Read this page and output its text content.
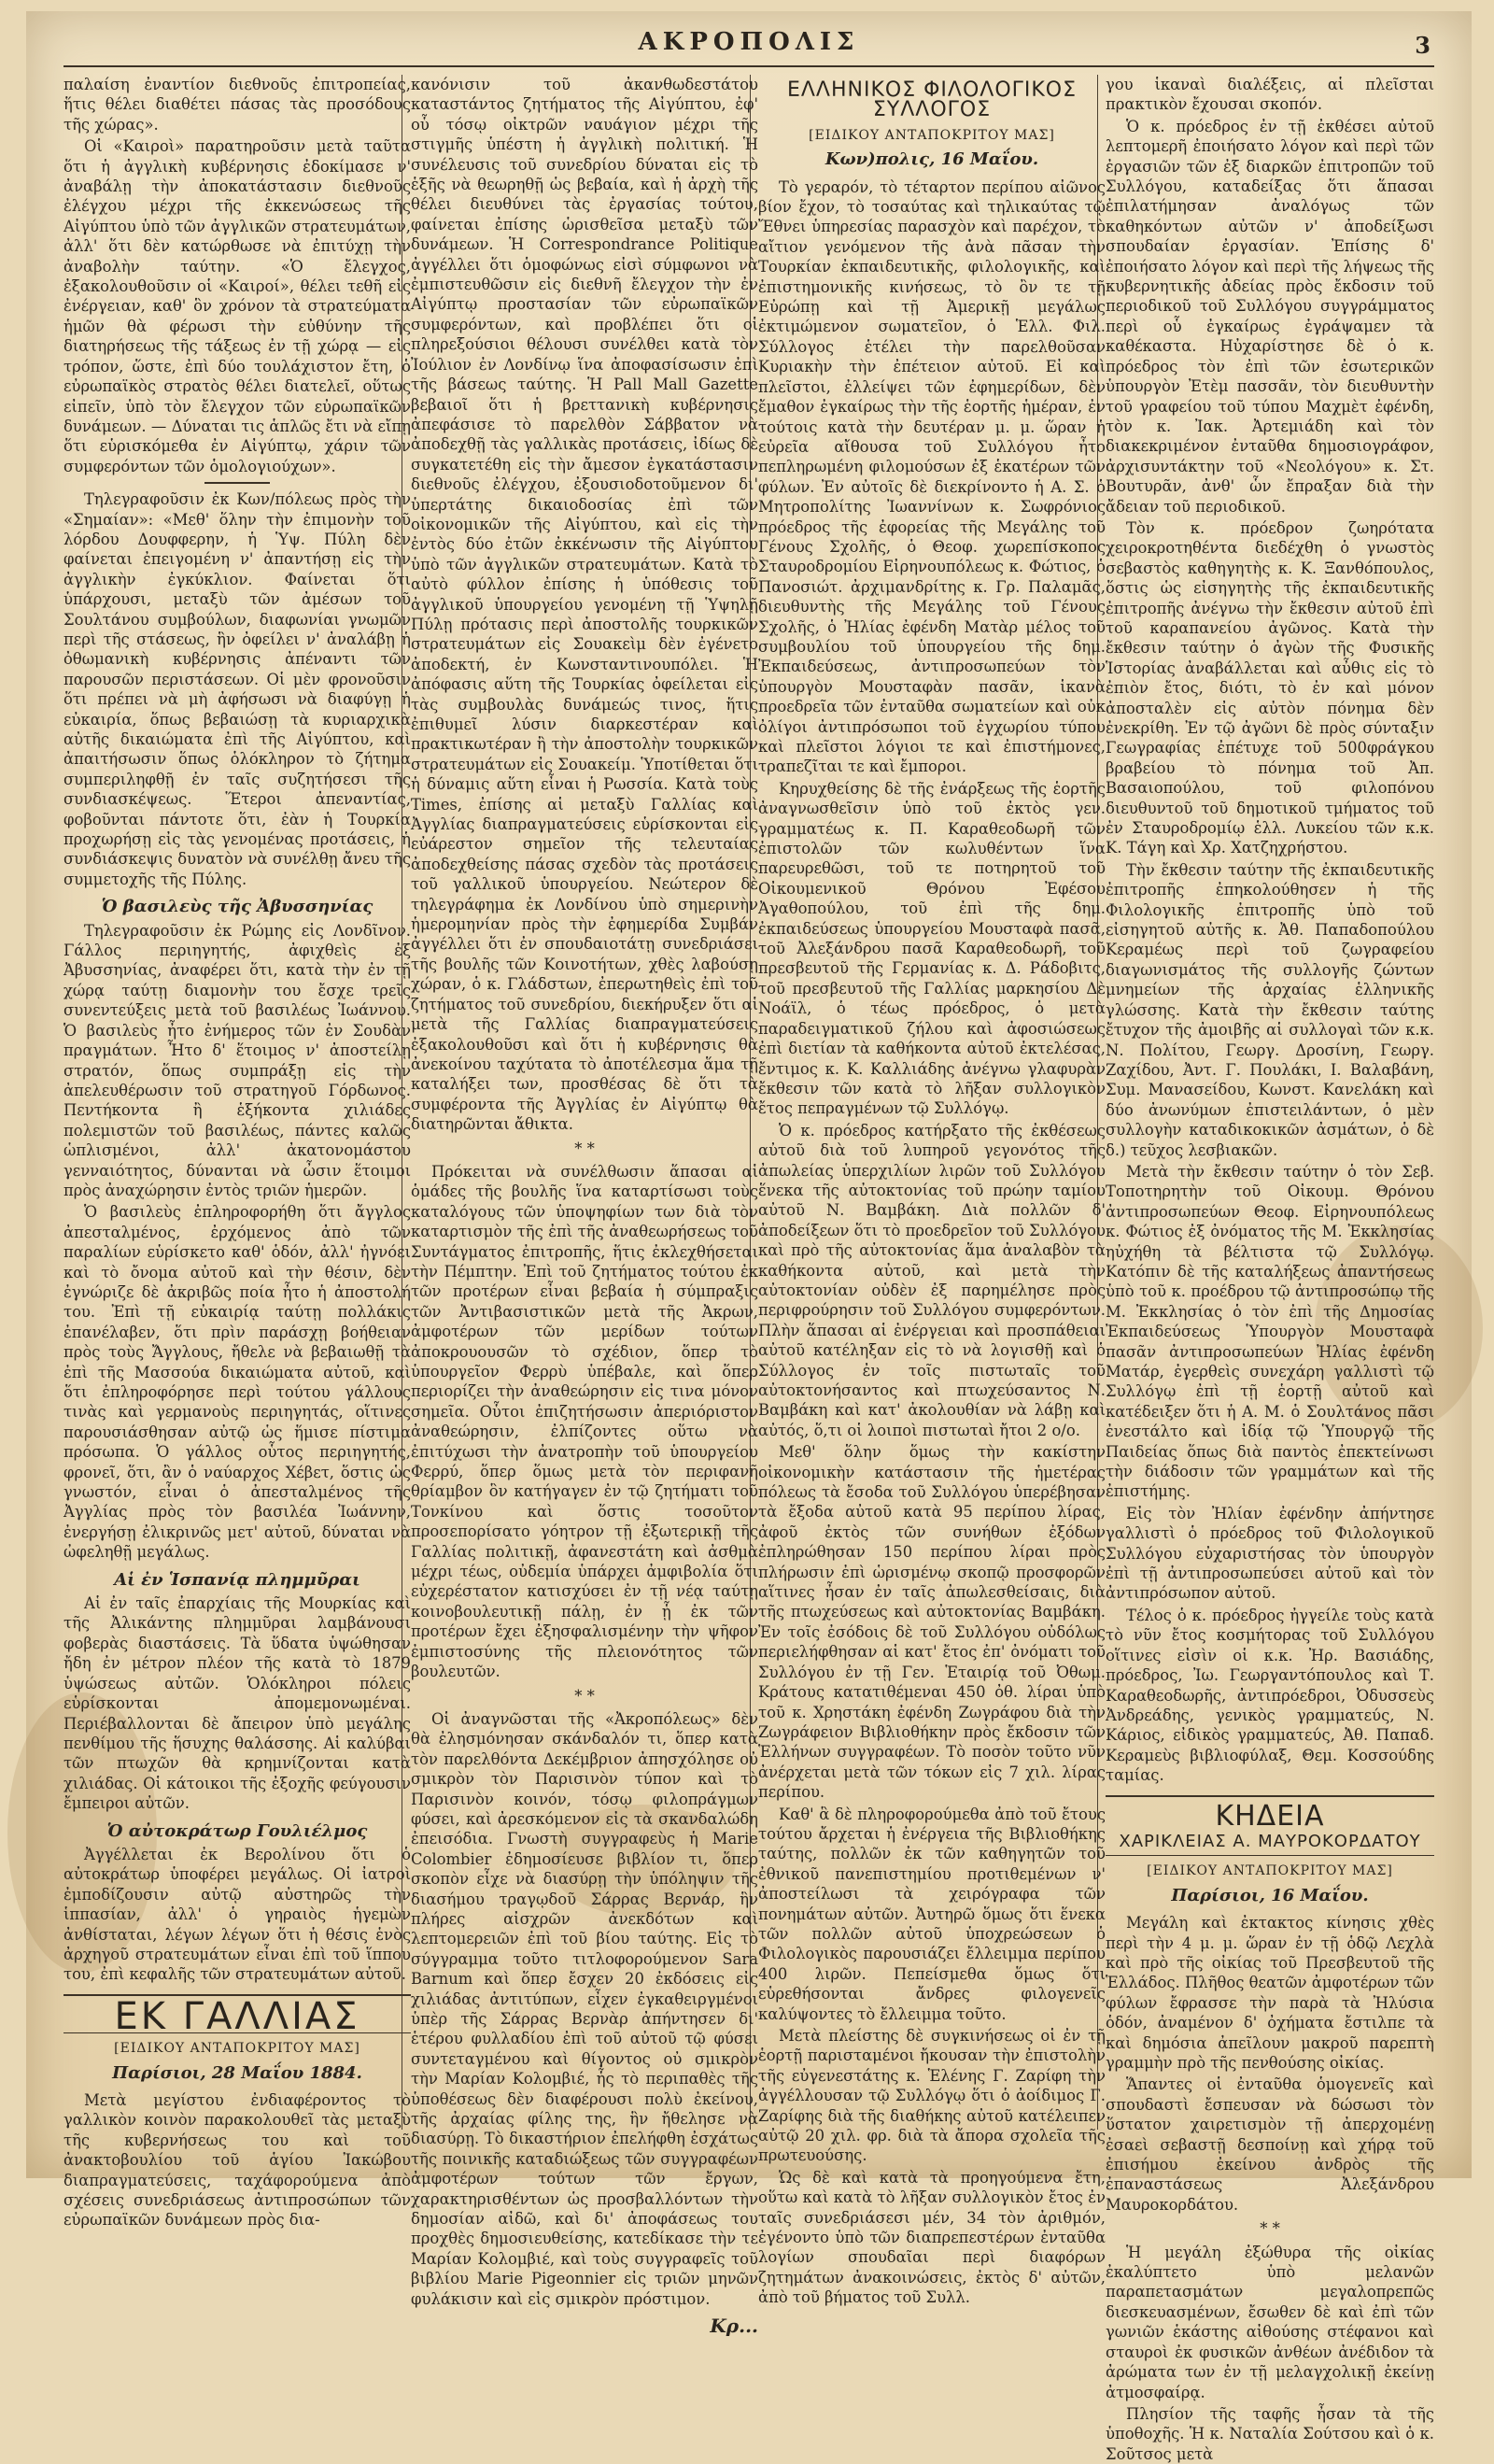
ΑΚΡΟΠΟΛΙΣ	3

παλαίση ἐναντίον διεθνοῦς ἐπιτροπείας, ἥτις θέλει διαθέτει πάσας τὰς προσόδους τῆς χώρας».

Οἱ «Καιροὶ» παρατηροῦσιν μετὰ ταῦτα ὅτι ἡ ἀγγλικὴ κυβέρνησις ἐδοκίμασε ν' ἀναβάλῃ τὴν ἀποκατάστασιν διεθνοῦς ἐλέγχου μέχρι τῆς ἐκκενώσεως τῆς Αἰγύπτου ὑπὸ τῶν ἀγγλικῶν στρατευμάτων, ἀλλ' ὅτι δὲν κατώρθωσε νὰ ἐπιτύχῃ τὴν ἀναβολὴν ταύτην. «Ὁ ἔλεγχος, ἐξακολουθοῦσιν οἱ «Καιροί», θέλει τεθῆ εἰς ἐνέργειαν, καθ' ὃν χρόνον τὰ στρατεύματα ἡμῶν θὰ φέρωσι τὴν εὐθύνην τῆς διατηρήσεως τῆς τάξεως ἐν τῇ χώρᾳ — εἰς τρόπον, ὥστε, ἐπὶ δύο τουλάχιστον ἔτη, ὁ εὐρωπαϊκὸς στρατὸς θέλει διατελεῖ, οὕτως εἰπεῖν, ὑπὸ τὸν ἔλεγχον τῶν εὐρωπαϊκῶν δυνάμεων. — Δύναται τις ἁπλῶς ἔτι νὰ εἴπῃ ὅτι εὑρισκόμεθα ἐν Αἰγύπτῳ, χάριν τῶν συμφερόντων τῶν ὁμολογιούχων».

Τηλεγραφοῦσιν ἐκ Κων/πόλεως πρὸς τὴν «Σημαίαν»: «Μεθ' ὅλην τὴν ἐπιμονὴν τοῦ λόρδου Δουφφερην, ἡ Ὑψ. Πύλη δὲν φαίνεται ἐπειγομένη ν' ἀπαντήσῃ εἰς τὴν ἀγγλικὴν ἐγκύκλιον. Φαίνεται ὅτι ὑπάρχουσι, μεταξὺ τῶν ἀμέσων τοῦ Σουλτάνου συμβούλων, διαφωνίαι γνωμῶν περὶ τῆς στάσεως, ἣν ὀφείλει ν' ἀναλάβῃ ἡ ὀθωμανικὴ κυβέρνησις ἀπέναντι τῶν παρουσῶν περιστάσεων. Οἱ μὲν φρονοῦσιν ὅτι πρέπει νὰ μὴ ἀφήσωσι νὰ διαφύγῃ ἡ εὐκαιρία, ὅπως βεβαιώσῃ τὰ κυριαρχικὰ αὐτῆς δικαιώματα ἐπὶ τῆς Αἰγύπτου, καὶ ἀπαιτήσωσιν ὅπως ὁλόκληρον τὸ ζήτημα συμπεριληφθῇ ἐν ταῖς συζητήσεσι τῆς συνδιασκέψεως. Ἕτεροι ἀπεναντίας, φοβοῦνται πάντοτε ὅτι, ἐὰν ἡ Τουρκία προχωρήσῃ εἰς τὰς γενομένας προτάσεις, ἡ συνδιάσκεψις δυνατὸν νὰ συνέλθῃ ἄνευ τῆς συμμετοχῆς τῆς Πύλης.

Ὁ βασιλεὺς τῆς Ἀβυσσηνίας

Τηλεγραφοῦσιν ἐκ Ρώμης εἰς Λονδῖνον. Γάλλος περιηγητής, ἀφιχθεὶς ἐξ Ἀβυσσηνίας, ἀναφέρει ὅτι, κατὰ τὴν ἐν τῇ χώρᾳ ταύτῃ διαμονὴν του ἔσχε τρεῖς συνεντεύξεις μετὰ τοῦ βασιλέως Ἰωάννου. Ὁ βασιλεὺς ἦτο ἐνήμερος τῶν ἐν Σουδὰν πραγμάτων. Ἦτο δ' ἕτοιμος ν' ἀποστείλῃ στρατόν, ὅπως συμπράξῃ εἰς τὴν ἀπελευθέρωσιν τοῦ στρατηγοῦ Γόρδωνος. Πεντήκοντα ἢ ἑξήκοντα χιλιάδες πολεμιστῶν τοῦ βασιλέως, πάντες καλῶς ὡπλισμένοι, ἀλλ' ἀκατονομάστου γενναιότητος, δύνανται νὰ ὦσιν ἕτοιμοι πρὸς ἀναχώρησιν ἐντὸς τριῶν ἡμερῶν.

Ὁ βασιλεὺς ἐπληροφορήθη ὅτι ἄγγλος ἀπεσταλμένος, ἐρχόμενος ἀπὸ τῶν παραλίων εὑρίσκετο καθ' ὁδόν, ἀλλ' ἠγνόει καὶ τὸ ὄνομα αὐτοῦ καὶ τὴν θέσιν, δὲν ἐγνώριζε δὲ ἀκριβῶς ποία ἦτο ἡ ἀποστολή του. Ἐπὶ τῇ εὐκαιρίᾳ ταύτῃ πολλάκις ἐπανέλαβεν, ὅτι πρὶν παράσχῃ βοήθειαν πρὸς τοὺς Ἄγγλους, ἤθελε νὰ βεβαιωθῇ τὰ ἐπὶ τῆς Μασσούα δικαιώματα αὐτοῦ, καὶ ὅτι ἐπληροφόρησε περὶ τούτου γάλλους τινὰς καὶ γερμανοὺς περιηγητάς, οἵτινες παρουσιάσθησαν αὐτῷ ὡς ἥμισε πίστιμα πρόσωπα. Ὁ γάλλος οὗτος περιηγητής, φρονεῖ, ὅτι, ἂν ὁ ναύαρχος Χέβετ, ὅστις ὡς γνωστόν, εἶναι ὁ ἀπεσταλμένος τῆς Ἀγγλίας πρὸς τὸν βασιλέα Ἰωάννην, ἐνεργήσῃ ἐλικρινῶς μετ' αὐτοῦ, δύναται νὰ ὠφεληθῇ μεγάλως.

Αἱ ἐν Ἱσπανίᾳ πλημμῦραι

Αἱ ἐν ταῖς ἐπαρχίαις τῆς Μουρκίας καὶ τῆς Ἀλικάντης πλημμῦραι λαμβάνουσι φοβερὰς διαστάσεις. Τὰ ὕδατα ὑψώθησαν ἤδη ἐν μέτρον πλέον τῆς κατὰ τὸ 1879 ὑψώσεως αὐτῶν. Ὁλόκληροι πόλεις εὑρίσκονται ἀπομεμονωμέναι. Περιέβαλλονται δὲ ἄπειρον ὑπὸ μεγάλης πενθίμου τῆς ἥσυχης θαλάσσης. Αἱ καλύβαι τῶν πτωχῶν θὰ κρημνίζονται κατὰ χιλιάδας. Οἱ κάτοικοι τῆς ἐξοχῆς φεύγουσιν ἔμπειροι αὐτῶν.

Ὁ αὐτοκράτωρ Γουλιέλμος

Ἀγγέλλεται ἐκ Βερολίνου ὅτι ὁ αὐτοκράτωρ ὑποφέρει μεγάλως. Οἱ ἰατροὶ ἐμποδίζουσιν αὐτῷ αὐστηρῶς τὴν ἱππασίαν, ἀλλ' ὁ γηραιὸς ἡγεμὼν ἀνθίσταται, λέγων λέγων ὅτι ἡ θέσις ἑνὸς ἀρχηγοῦ στρατευμάτων εἶναι ἐπὶ τοῦ ἵππου του, ἐπὶ κεφαλῆς τῶν στρατευμάτων αὐτοῦ.

ΕΚ ΓΑΛΛΙΑΣ
[ΕΙΔΙΚΟΥ ΑΝΤΑΠΟΚΡΙΤΟΥ ΜΑΣ]
Παρίσιοι, 28 Μαΐου 1884.

Μετὰ μεγίστου ἐνδιαφέροντος τὸ γαλλικὸν κοινὸν παρακολουθεῖ τὰς μεταξὺ τῆς κυβερνήσεως του καὶ τοῦ ἀνακτοβουλίου τοῦ ἁγίου Ἰακώβου διαπραγματεύσεις, ταχάφορούμενα ἀπὸ σχέσεις συνεδριάσεως ἀντιπροσώπων τῶν εὐρωπαϊκῶν δυνάμεων πρὸς δια-

κανόνισιν τοῦ ἀκανθωδεστάτου καταστάντος ζητήματος τῆς Αἰγύπτου, ἐφ' οὗ τόσῳ οἰκτρῶν ναυάγιον μέχρι τῆς στιγμῆς ὑπέστη ἡ ἀγγλικὴ πολιτική. Ἡ συνέλευσις τοῦ συνεδρίου δύναται εἰς τὸ ἑξῆς νὰ θεωρηθῇ ὡς βεβαία, καὶ ἡ ἀρχὴ τῆς θέλει διευθύνει τὰς ἐργασίας τούτου, φαίνεται ἐπίσης ὡρισθεῖσα μεταξὺ τῶν δυνάμεων. Ἡ Correspondrance Politique ἀγγέλλει ὅτι ὁμοφώνως εἰσὶ σύμφωνοι νὰ ἐμπιστευθῶσιν εἰς διεθνῆ ἔλεγχον τὴν ἐν Αἰγύπτῳ προστασίαν τῶν εὐρωπαϊκῶν συμφερόντων, καὶ προβλέπει ὅτι οἱ πληρεξούσιοι θέλουσι συνέλθει κατὰ τὸν Ἰούλιον ἐν Λονδίνῳ ἵνα ἀποφασίσωσιν ἐπὶ τῆς βάσεως ταύτης. Ἡ Pall Mall Gazette βεβαιοῖ ὅτι ἡ βρεττανικὴ κυβέρνησις ἀπεφάσισε τὸ παρελθὸν Σάββατον νὰ ἀποδεχθῇ τὰς γαλλικὰς προτάσεις, ἰδίως δὲ συγκατετέθη εἰς τὴν ἄμεσον ἐγκατάστασιν διεθνοῦς ἐλέγχου, ἐξουσιοδοτοῦμενον δι' ὑπερτάτης δικαιοδοσίας ἐπὶ τῶν οἰκονομικῶν τῆς Αἰγύπτου, καὶ εἰς τὴν ἐντὸς δύο ἐτῶν ἐκκένωσιν τῆς Αἰγύπτου ὑπὸ τῶν ἀγγλικῶν στρατευμάτων. Κατὰ τὸ αὐτὸ φύλλον ἐπίσης ἡ ὑπόθεσις τοῦ ἀγγλικοῦ ὑπουργείου γενομένη τῇ Ὑψηλῇ Πύλῃ πρότασις περὶ ἀποστολῆς τουρκικῶν στρατευμάτων εἰς Σουακεὶμ δὲν ἐγένετο ἀποδεκτή, ἐν Κωνσταντινουπόλει. Ἡ ἀπόφασις αὕτη τῆς Τουρκίας ὀφείλεται εἰς τὰς συμβουλὰς δυνάμεώς τινος, ἥτις ἐπιθυμεῖ λύσιν διαρκεστέραν καὶ πρακτικωτέραν ἢ τὴν ἀποστολὴν τουρκικῶν στρατευμάτων εἰς Σουακείμ. Ὑποτίθεται ὅτι ἡ δύναμις αὕτη εἶναι ἡ Ρωσσία. Κατὰ τοὺς Times, ἐπίσης αἱ μεταξὺ Γαλλίας καὶ Ἀγγλίας διαπραγματεύσεις εὑρίσκονται εἰς εὐάρεστον σημεῖον τῆς τελευταίας ἀποδεχθείσης πάσας σχεδὸν τὰς προτάσεις τοῦ γαλλικοῦ ὑπουργείου. Νεώτερον δὲ τηλεγράφημα ἐκ Λονδίνου ὑπὸ σημερινὴν ἡμερομηνίαν πρὸς τὴν ἐφημερίδα Συμβάν ἀγγέλλει ὅτι ἐν σπουδαιοτάτῃ συνεδριάσει τῆς βουλῆς τῶν Κοινοτήτων, χθὲς λαβούσῃ χώραν, ὁ κ. Γλάδστων, ἐπερωτηθεὶς ἐπὶ τοῦ ζητήματος τοῦ συνεδρίου, διεκήρυξεν ὅτι αἱ μετὰ τῆς Γαλλίας διαπραγματεύσεις ἐξακολουθοῦσι καὶ ὅτι ἡ κυβέρνησις θὰ ἀνεκοίνου ταχύτατα τὸ ἀποτέλεσμα ἅμα τῇ καταλήξει των, προσθέσας δὲ ὅτι τὰ συμφέροντα τῆς Ἀγγλίας ἐν Αἰγύπτῳ θὰ διατηρῶνται ἄθικτα.

* *

Πρόκειται νὰ συνέλθωσιν ἅπασαι αἱ ὁμάδες τῆς βουλῆς ἵνα καταρτίσωσι τοὺς καταλόγους τῶν ὑποψηφίων των διὰ τὸν καταρτισμὸν τῆς ἐπὶ τῆς ἀναθεωρήσεως τοῦ Συντάγματος ἐπιτροπῆς, ἥτις ἐκλεχθήσεται τὴν Πέμπτην. Ἐπὶ τοῦ ζητήματος τούτου ἐκ τῶν προτέρων εἶναι βεβαία ἡ σύμπραξις τῶν Ἀντιβασιστικῶν μετὰ τῆς Ἀκρων, ἀμφοτέρων τῶν μερίδων τούτων ἀποκρουουσῶν τὸ σχέδιον, ὅπερ τὸ ὑπουργεῖον Φερρὺ ὑπέβαλε, καὶ ὅπερ περιορίζει τὴν ἀναθεώρησιν εἰς τινα μόνον σημεῖα. Οὗτοι ἐπιζητήσωσιν ἀπεριόριστον ἀναθεώρησιν, ἐλπίζοντες οὕτω νὰ ἐπιτύχωσι τὴν ἀνατροπὴν τοῦ ὑπουργείου Φερρύ, ὅπερ ὅμως μετὰ τὸν περιφανῆ θρίαμβον ὃν κατήγαγεν ἐν τῷ ζητήματι τοῦ Τονκίνου καὶ ὅστις τοσοῦτον προσεπορίσατο γόητρον τῇ ἐξωτερικῇ τῆς Γαλλίας πολιτικῇ, ἀφανεστάτη καὶ ἀσθμὰ μέχρι τέως, οὐδεμία ὑπάρχει ἀμφιβολία ὅτι εὐχερέστατον κατισχύσει ἐν τῇ νέᾳ ταύτῃ κοινοβουλευτικῇ πάλῃ, ἐν ᾗ ἐκ τῶν προτέρων ἔχει ἐξησφαλισμένην τὴν ψῆφον ἐμπιστοσύνης τῆς πλειονότητος τῶν βουλευτῶν.

* *

Οἱ ἀναγνῶσται τῆς «Ἀκροπόλεως» δὲν θὰ ἐλησμόνησαν σκάνδαλόν τι, ὅπερ κατὰ τὸν παρελθόντα Δεκέμβριον ἀπησχόλησε οὐ σμικρὸν τὸν Παρισινὸν τύπον καὶ τὸ Παρισινὸν κοινόν, τόσῳ φιλοπράγμων φύσει, καὶ ἀρεσκόμενον εἰς τὰ σκανδαλώδη ἐπεισόδια. Γνωστὴ συγγραφεὺς ἡ Marie Colombier ἐδημοσίευσε βιβλίον τι, ὅπερ σκοπὸν εἶχε νὰ διασύρῃ τὴν ὑπόληψιν τῆς διασήμου τραγῳδοῦ Σάρρας Βερνάρ, ἣν πλήρες αἰσχρῶν ἀνεκδότων καὶ λεπτομερειῶν ἐπὶ τοῦ βίου ταύτης. Εἰς τὸ σύγγραμμα τοῦτο τιτλοφορούμενον Sara Barnum καὶ ὅπερ ἔσχεν 20 ἐκδόσεις εἰς χιλιάδας ἀντιτύπων, εἶχεν ἐγκαθειργμένοι ὑπὲρ τῆς Σάρρας Βερνὰρ ἀπήντησεν δι' ἑτέρου φυλλαδίου ἐπὶ τοῦ αὐτοῦ τῷ φύσει συντεταγμένου καὶ θίγοντος οὐ σμικρὸν τὴν Μαρίαν Κολομβιέ, ἧς τὸ περιπαθὲς τῆς ὑποθέσεως δὲν διαφέρουσι πολὺ ἐκείνου, τῆς ἀρχαίας φίλης της, ἣν ἤθελησε νὰ διασύρῃ. Τὸ δικαστήριον ἐπελήφθη ἐσχάτως τῆς ποινικῆς καταδιώξεως τῶν συγγραφέων ἀμφοτέρων τούτων τῶν ἔργων, χαρακτηρισθέντων ὡς προσβαλλόντων τὴν δημοσίαν αἰδῶ, καὶ δι' ἀποφάσεως του προχθὲς δημοσιευθείσης, κατεδίκασε τὴν τε Μαρίαν Κολομβιέ, καὶ τοὺς συγγραφεῖς τοῦ βιβλίου Marie Pigeonnier εἰς τριῶν μηνῶν φυλάκισιν καὶ εἰς σμικρὸν πρόστιμον.

Κρ...
ΕΛΛΗΝΙΚΟΣ ΦΙΛΟΛΟΓΙΚΟΣ ΣΥΛΛΟΓΟΣ
[ΕΙΔΙΚΟΥ ΑΝΤΑΠΟΚΡΙΤΟΥ ΜΑΣ]
Κων)πολις, 16 Μαΐου.

Τὸ γεραρόν, τὸ τέταρτον περίπου αἰῶνος βίον ἔχον, τὸ τοσαύτας καὶ τηλικαύτας τῷ Ἔθνει ὑπηρεσίας παρασχὸν καὶ παρέχον, τὸ αἴτιον γενόμενον τῆς ἀνὰ πᾶσαν τὴν Τουρκίαν ἐκπαιδευτικῆς, φιλολογικῆς, καὶ ἐπιστημονικῆς κινήσεως, τὸ ὂν τε τῇ Εὐρώπῃ καὶ τῇ Ἀμερικῇ μεγάλως ἐκτιμώμενον σωματεῖον, ὁ Ἑλλ. Φιλ. Σύλλογος ἑτέλει τὴν παρελθοῦσαν Κυριακὴν τὴν ἐπέτειον αὐτοῦ. Εἰ καὶ πλεῖστοι, ἐλλείψει τῶν ἐφημερίδων, δὲν ἔμαθον ἐγκαίρως τὴν τῆς ἑορτῆς ἡμέραν, ἐν τούτοις κατὰ τὴν δευτέραν μ. μ. ὥραν ἡ εὐρεῖα αἴθουσα τοῦ Συλλόγου ἦτο πεπληρωμένη φιλομούσων ἐξ ἑκατέρων τῶν φύλων. Ἐν αὐτοῖς δὲ διεκρίνοντο ἡ Α. Σ. ὁ Μητροπολίτης Ἰωαννίνων κ. Σωφρόνιος πρόεδρος τῆς ἐφορείας τῆς Μεγάλης τοῦ Γένους Σχολῆς, ὁ Θεοφ. χωρεπίσκοπος Σταυροδρομίου Εἰρηνουπόλεως κ. Φώτιος, ὁ Πανοσιώτ. ἀρχιμανδρίτης κ. Γρ. Παλαμᾶς, διευθυντὴς τῆς Μεγάλης τοῦ Γένους Σχολῆς, ὁ Ἠλίας ἐφένδη Ματὰρ μέλος τοῦ συμβουλίου τοῦ ὑπουργείου τῆς δημ. Ἐκπαιδεύσεως, ἀντιπροσωπεύων τὸν ὑπουργὸν Μουσταφὰν πασᾶν, ἱκανὰ προεδρεῖα τῶν ἐνταῦθα σωματείων καὶ οὐκ ὀλίγοι ἀντιπρόσωποι τοῦ ἐγχωρίου τύπου καὶ πλεῖστοι λόγιοι τε καὶ ἐπιστήμονες, τραπεζῖται τε καὶ ἔμποροι.

Κηρυχθείσης δὲ τῆς ἐνάρξεως τῆς ἑορτῆς ἀναγνωσθεῖσιν ὑπὸ τοῦ ἐκτὸς γεν. γραμματέως κ. Π. Καραθεοδωρῆ τῶν ἐπιστολῶν τῶν κωλυθέντων ἵνα παρευρεθῶσι, τοῦ τε ποτηρητοῦ τοῦ Οἰκουμενικοῦ Θρόνου Ἐφέσου Ἀγαθοπούλου, τοῦ ἐπὶ τῆς δημ. ἐκπαιδεύσεως ὑπουργείου Μουσταφὰ πασᾶ, τοῦ Ἀλεξάνδρου πασᾶ Καραθεοδωρῆ, τοῦ πρεσβευτοῦ τῆς Γερμανίας κ. Δ. Ράδοβιτς, τοῦ πρεσβευτοῦ τῆς Γαλλίας μαρκησίου Δὲ Νοάϊλ, ὁ τέως πρόεδρος, ὁ μετὰ παραδειγματικοῦ ζήλου καὶ ἀφοσιώσεως ἐπὶ διετίαν τὰ καθήκοντα αὐτοῦ ἐκτελέσας, ἔντιμος κ. Κ. Καλλιάδης ἀνέγνω γλαφυρὰν ἔκθεσιν τῶν κατὰ τὸ λῆξαν συλλογικὸν ἔτος πεπραγμένων τῷ Συλλόγῳ.

Ὁ κ. πρόεδρος κατήρξατο τῆς ἐκθέσεως αὐτοῦ διὰ τοῦ λυπηροῦ γεγονότος τῆς ἀπωλείας ὑπερχιλίων λιρῶν τοῦ Συλλόγου ἕνεκα τῆς αὐτοκτονίας τοῦ πρώην ταμίου αὐτοῦ Ν. Βαμβάκη. Διὰ πολλῶν δ' ἀποδείξεων ὅτι τὸ προεδρεῖον τοῦ Συλλόγου καὶ πρὸ τῆς αὐτοκτονίας ἅμα ἀναλαβὸν τὰ καθήκοντα αὐτοῦ, καὶ μετὰ τὴν αὐτοκτονίαν οὐδὲν ἐξ παρημέλησε πρὸς περιφρούρησιν τοῦ Συλλόγου συμφερόντων. Πλὴν ἅπασαι αἱ ἐνέργειαι καὶ προσπάθειαι αὐτοῦ κατέληξαν εἰς τὸ νὰ λογισθῇ καὶ ὁ Σύλλογος ἐν τοῖς πιστωταῖς τοῦ αὐτοκτονήσαντος καὶ πτωχεύσαντος Ν. Βαμβάκη καὶ κατ' ἀκολουθίαν νὰ λάβῃ καὶ αὐτός, ὅ,τι οἱ λοιποὶ πιστωταὶ ἤτοι 2 ο/ο.

Μεθ' ὅλην ὅμως τὴν κακίστην οἰκονομικὴν κατάστασιν τῆς ἡμετέρας πόλεως τὰ ἔσοδα τοῦ Συλλόγου ὑπερέβησαν τὰ ἔξοδα αὐτοῦ κατὰ 95 περίπου λίρας, ἀφοῦ ἐκτὸς τῶν συνήθων ἐξόδων ἐπληρώθησαν 150 περίπου λίραι πρὸς πλήρωσιν ἐπὶ ὡρισμένῳ σκοπῷ προσφορῶν αἵτινες ἦσαν ἐν ταῖς ἀπωλεσθείσαις, διὰ τῆς πτωχεύσεως καὶ αὐτοκτονίας Βαμβάκη. Ἐν τοῖς ἐσόδοις δὲ τοῦ Συλλόγου οὐδόλως περιελήφθησαν αἱ κατ' ἔτος ἐπ' ὀνόματι τοῦ Συλλόγου ἐν τῇ Γεν. Ἑταιρίᾳ τοῦ Ὀθωμ. Κράτους κατατιθέμεναι 450 ὀθ. λίραι ὑπὸ τοῦ κ. Χρηστάκη ἐφένδη Ζωγράφου διὰ τὴν Ζωγράφειον Βιβλιοθήκην πρὸς ἔκδοσιν τῶν Ἑλλήνων συγγραφέων. Τὸ ποσὸν τοῦτο νῦν ἀνέρχεται μετὰ τῶν τόκων εἰς 7 χιλ. λίρας περίπου.

Καθ' ἃ δὲ πληροφορούμεθα ἀπὸ τοῦ ἔτους τούτου ἄρχεται ἡ ἐνέργεια τῆς Βιβλιοθήκης ταύτης, πολλῶν ἐκ τῶν καθηγητῶν τοῦ ἐθνικοῦ πανεπιστημίου προτιθεμένων ν' ἀποστείλωσι τὰ χειρόγραφα τῶν πονημάτων αὐτῶν. Ἀυτηρῶ ὅμως ὅτι ἕνεκα τῶν πολλῶν αὐτοῦ ὑποχρεώσεων ὁ Φιλολογικὸς παρουσιάζει ἔλλειμμα περίπου 400 λιρῶν. Πεπείσμεθα ὅμως ὅτι εὑρεθήσονται ἄνδρες φιλογενεῖς καλύψοντες τὸ ἔλλειμμα τοῦτο.

Μετὰ πλείστης δὲ συγκινήσεως οἱ ἐν τῇ ἑορτῇ παρισταμένοι ἤκουσαν τὴν ἐπιστολὴν τῆς εὐγενεστάτης κ. Ἑλένης Γ. Ζαρίφη τὴν ἀγγέλλουσαν τῷ Συλλόγῳ ὅτι ὁ ἀοίδιμος Γ. Ζαρίφης διὰ τῆς διαθήκης αὐτοῦ κατέλειπεν αὐτῷ 20 χιλ. φρ. διὰ τὰ ἄπορα σχολεῖα τῆς πρωτευούσης.

Ὡς δὲ καὶ κατὰ τὰ προηγούμενα ἔτη, οὕτω καὶ κατὰ τὸ λῆξαν συλλογικὸν ἔτος ἐν ταῖς συνεδριάσεσι μέν, 34 τὸν ἀριθμόν, ἐγένοντο ὑπὸ τῶν διαπρεπεστέρων ἐνταῦθα λογίων σπουδαῖαι περὶ διαφόρων ζητημάτων ἀνακοινώσεις, ἐκτὸς δ' αὐτῶν, ἀπὸ τοῦ βήματος τοῦ Συλλ.

γου ἱκαναὶ διαλέξεις, αἱ πλεῖσται πρακτικὸν ἔχουσαι σκοπόν.

Ὁ κ. πρόεδρος ἐν τῇ ἐκθέσει αὐτοῦ λεπτομερῆ ἐποιήσατο λόγον καὶ περὶ τῶν ἐργασιῶν τῶν ἐξ διαρκῶν ἐπιτροπῶν τοῦ Συλλόγου, καταδείξας ὅτι ἅπασαι ἐπιλατήμησαν ἀναλόγως τῶν καθηκόντων αὐτῶν ν' ἀποδείξωσι σπουδαίαν ἐργασίαν. Ἐπίσης δ' ἐποιήσατο λόγον καὶ περὶ τῆς λήψεως τῆς κυβερνητικῆς ἀδείας πρὸς ἔκδοσιν τοῦ περιοδικοῦ τοῦ Συλλόγου συγγράμματος περὶ οὗ ἐγκαίρως ἐγράψαμεν τὰ καθέκαστα. Ηὐχαρίστησε δὲ ὁ κ. πρόεδρος τὸν ἐπὶ τῶν ἐσωτερικῶν ὑπουργὸν Ἐτὲμ πασσᾶν, τὸν διευθυντὴν τοῦ γραφείου τοῦ τύπου Μαχμὲτ ἐφένδη, τὸν κ. Ἰακ. Ἀρτεμιάδη καὶ τὸν διακεκριμένον ἐνταῦθα δημοσιογράφον, ἀρχισυντάκτην τοῦ «Νεολόγου» κ. Στ. Βουτυρᾶν, ἀνθ' ὧν ἔπραξαν διὰ τὴν ἄδειαν τοῦ περιοδικοῦ.

Τὸν κ. πρόεδρον ζωηρότατα χειροκροτηθέντα διεδέχθη ὁ γνωστὸς σεβαστὸς καθηγητὴς κ. Κ. Ξανθόπουλος, ὅστις ὡς εἰσηγητὴς τῆς ἐκπαιδευτικῆς ἐπιτροπῆς ἀνέγνω τὴν ἔκθεσιν αὐτοῦ ἐπὶ τοῦ καραπανείου ἀγῶνος. Κατὰ τὴν ἔκθεσιν ταύτην ὁ ἀγὼν τῆς Φυσικῆς Ἱστορίας ἀναβάλλεται καὶ αὖθις εἰς τὸ ἐπιὸν ἔτος, διότι, τὸ ἐν καὶ μόνον ἀποσταλὲν εἰς αὐτὸν πόνημα δὲν ἐνεκρίθη. Ἐν τῷ ἀγῶνι δὲ πρὸς σύνταξιν Γεωγραφίας ἐπέτυχε τοῦ 500φράγκου βραβείου τὸ πόνημα τοῦ Ἀπ. Βασαιοπούλου, τοῦ φιλοπόνου διευθυντοῦ τοῦ δημοτικοῦ τμήματος τοῦ ἐν Σταυροδρομίῳ ἑλλ. Λυκείου τῶν κ.κ. Κ. Τάγη καὶ Χρ. Χατζηχρήστου.

Τὴν ἔκθεσιν ταύτην τῆς ἐκπαιδευτικῆς ἐπιτροπῆς ἐπηκολούθησεν ἡ τῆς Φιλολογικῆς ἐπιτροπῆς ὑπὸ τοῦ εἰσηγητοῦ αὐτῆς κ. Ἀθ. Παπαδοπούλου Κεραμέως περὶ τοῦ ζωγραφείου διαγωνισμάτος τῆς συλλογῆς ζώντων μνημείων τῆς ἀρχαίας ἑλληνικῆς γλώσσης. Κατὰ τὴν ἔκθεσιν ταύτης ἔτυχον τῆς ἀμοιβῆς αἱ συλλογαὶ τῶν κ.κ. Ν. Πολίτου, Γεωργ. Δροσίνη, Γεωργ. Ζαχίδου, Ἀντ. Γ. Πουλάκι, Ι. Βαλαβάνη, Συμ. Μανασείδου, Κωνστ. Κανελάκη καὶ δύο ἀνωνύμων ἐπιστειλάντων, ὁ μὲν συλλογὴν καταδικοκικῶν ἀσμάτων, ὁ δὲ δ.) τεῦχος λεσβιακῶν.

Μετὰ τὴν ἔκθεσιν ταύτην ὁ τὸν Σεβ. Τοποτηρητὴν τοῦ Οἰκουμ. Θρόνου ἀντιπροσωπεύων Θεοφ. Εἰρηνουπόλεως κ. Φώτιος ἐξ ὀνόματος τῆς Μ. Ἐκκλησίας ηὐχήθη τὰ βέλτιστα τῷ Συλλόγῳ. Κατόπιν δὲ τῆς καταλήξεως ἀπαντήσεως ὑπὸ τοῦ κ. προέδρου τῷ ἀντιπροσώπῳ τῆς Μ. Ἐκκλησίας ὁ τὸν ἐπὶ τῆς Δημοσίας Ἐκπαιδεύσεως Ὑπουργὸν Μουσταφὰ πασᾶν ἀντιπροσωπεύων Ἠλίας ἐφένδη Ματάρ, ἐγερθεὶς συνεχάρη γαλλιστὶ τῷ Συλλόγῳ ἐπὶ τῇ ἑορτῇ αὐτοῦ καὶ κατέδειξεν ὅτι ἡ Α. Μ. ὁ Σουλτάνος πᾶσι ἐνεστάλτο καὶ ἰδίᾳ τῷ Ὑπουργῷ τῆς Παιδείας ὅπως διὰ παντὸς ἐπεκτείνωσι τὴν διάδοσιν τῶν γραμμάτων καὶ τῆς ἐπιστήμης.

Εἰς τὸν Ἠλίαν ἐφένδην ἀπήντησε γαλλιστὶ ὁ πρόεδρος τοῦ Φιλολογικοῦ Συλλόγου εὐχαριστήσας τὸν ὑπουργὸν ἐπὶ τῇ ἀντιπροσωπεύσει αὐτοῦ καὶ τὸν ἀντιπρόσωπον αὐτοῦ.

Τέλος ὁ κ. πρόεδρος ἠγγείλε τοὺς κατὰ τὸ νῦν ἔτος κοσμήτορας τοῦ Συλλόγου οἵτινες εἰσὶν οἱ κ.κ. Ἠρ. Βασιάδης, πρόεδρος, Ἰω. Γεωργαντόπουλος καὶ Τ. Καραθεοδωρῆς, ἀντιπρόεδροι, Ὀδυσσεὺς Ἀνδρεάδης, γενικὸς γραμματεύς, Ν. Κάριος, εἰδικὸς γραμματεύς, Ἀθ. Παπαδ. Κεραμεὺς βιβλιοφύλαξ, Θεμ. Κοσσούδης ταμίας.

ΚΗΔΕΙΑ
ΧΑΡΙΚΛΕΙΑΣ Α. ΜΑΥΡΟΚΟΡΔΑΤΟΥ
[ΕΙΔΙΚΟΥ ΑΝΤΑΠΟΚΡΙΤΟΥ ΜΑΣ]
Παρίσιοι, 16 Μαΐου.

Μεγάλη καὶ ἐκτακτος κίνησις χθὲς περὶ τὴν 4 μ. μ. ὥραν ἐν τῇ ὁδῷ Λεχλὰ καὶ πρὸ τῆς οἰκίας τοῦ Πρεσβευτοῦ τῆς Ἑλλάδος. Πλῆθος θεατῶν ἀμφοτέρων τῶν φύλων ἔφρασσε τὴν παρὰ τὰ Ἠλύσια ὁδόν, ἀναμένον δ' ὀχήματα ἔστιλπε τὰ καὶ δημόσια ἀπεῖλουν μακροῦ παρεπτὴ γραμμὴν πρὸ τῆς πενθούσης οἰκίας.

Ἅπαντες οἱ ἐνταῦθα ὁμογενεῖς καὶ σπουδαστὶ ἔσπευσαν νὰ δώσωσι τὸν ὕστατον χαιρετισμὸν τῇ ἀπερχομένῃ ἐσαεὶ σεβαστῇ δεσποίνῃ καὶ χήρᾳ τοῦ ἐπισήμου ἐκείνου ἀνδρὸς τῆς ἐπαναστάσεως Ἀλεξάνδρου Μαυροκορδάτου.

* *

Ἡ μεγάλη ἐξώθυρα τῆς οἰκίας ἐκαλύπτετο ὑπὸ μελανῶν παραπετασμάτων μεγαλοπρεπῶς διεσκευασμένων, ἔσωθεν δὲ καὶ ἐπὶ τῶν γωνιῶν ἑκάστης αἰθούσης στέφανοι καὶ σταυροὶ ἐκ φυσικῶν ἀνθέων ἀνέδιδον τὰ ἀρώματα των ἐν τῇ μελαγχολικῇ ἐκείνῃ ἀτμοσφαίρᾳ.

Πλησίον τῆς ταφῆς ἦσαν τὰ τῆς ὑποθοχῆς. Ἡ κ. Ναταλία Σούτσου καὶ ὁ κ. Σοῦτσος μετὰ
